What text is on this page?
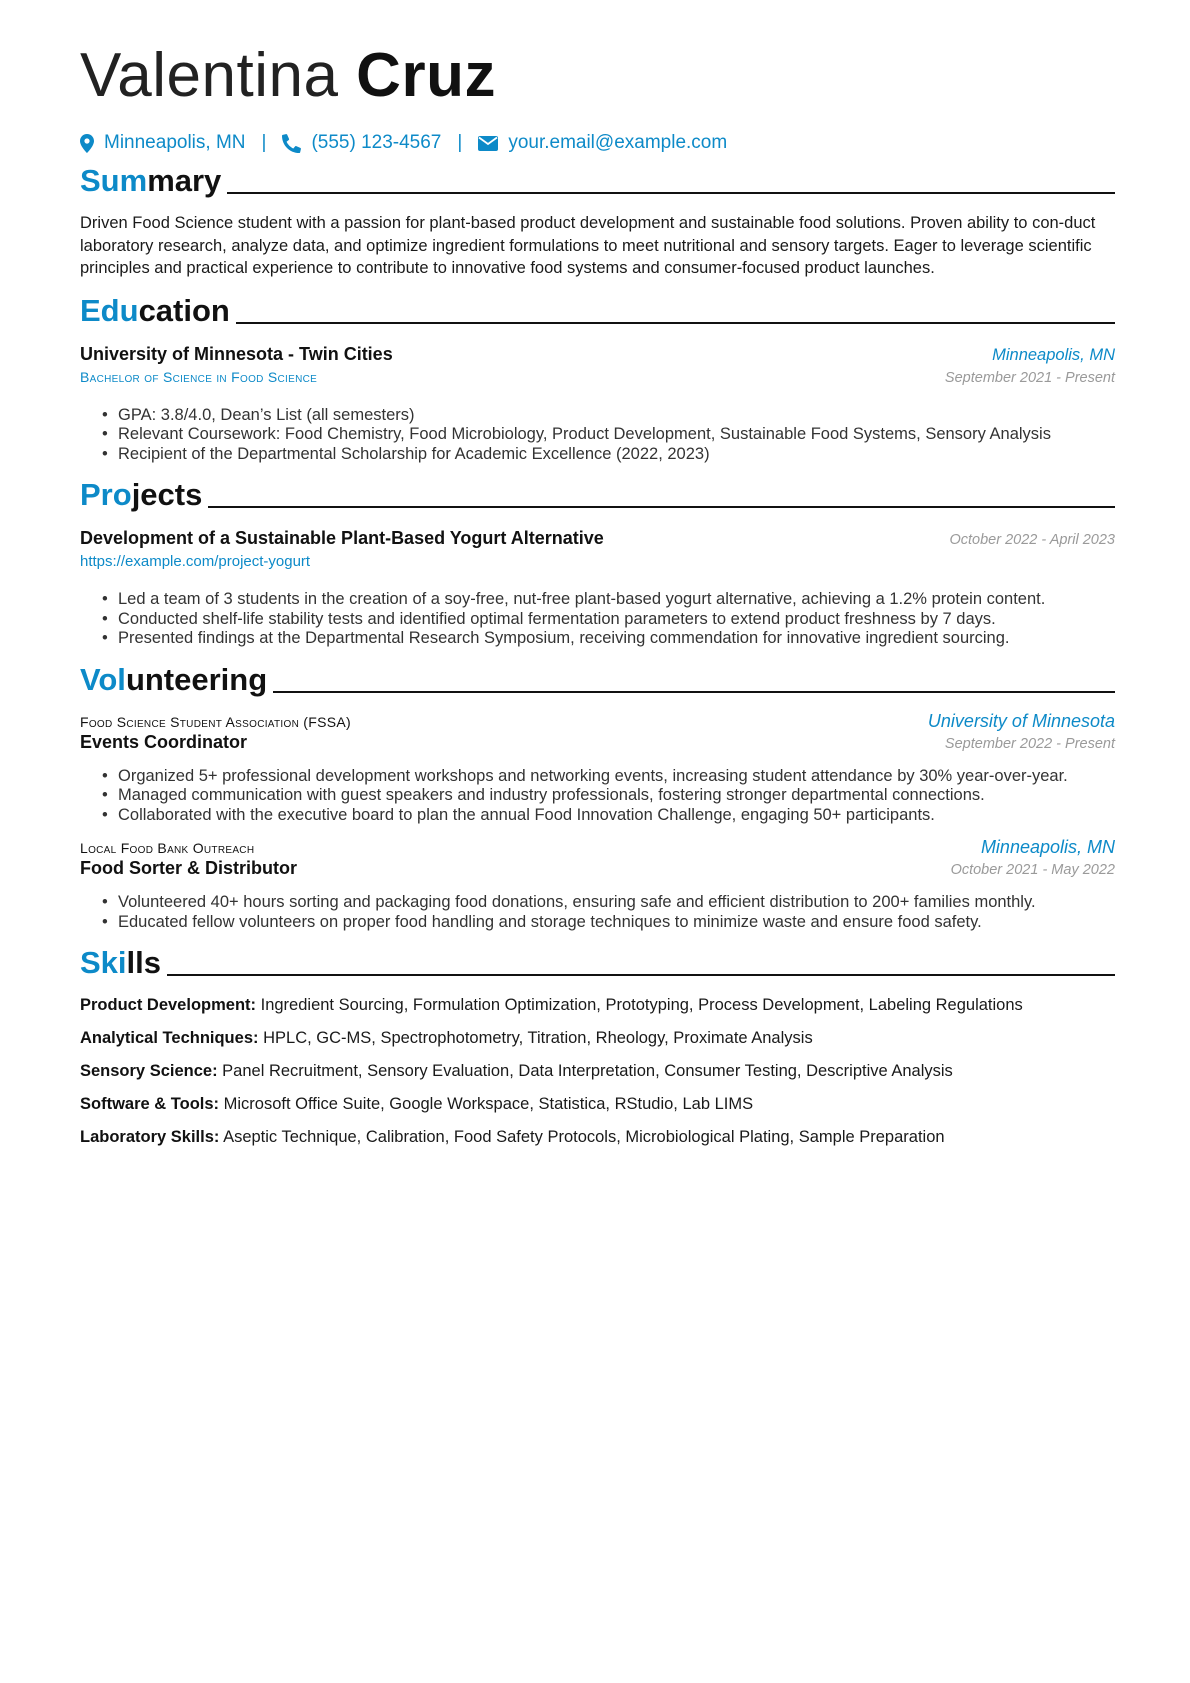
Valentina Cruz
Minneapolis, MN | (555) 123-4567 | your.email@example.com
Summary
Driven Food Science student with a passion for plant-based product development and sustainable food solutions. Proven ability to con-duct laboratory research, analyze data, and optimize ingredient formulations to meet nutritional and sensory targets. Eager to leverage scientific principles and practical experience to contribute to innovative food systems and consumer-focused product launches.
Education
University of Minnesota - Twin Cities	Minneapolis, MN
Bachelor of Science in Food Science	September 2021 - Present
• GPA: 3.8/4.0, Dean’s List (all semesters)
• Relevant Coursework: Food Chemistry, Food Microbiology, Product Development, Sustainable Food Systems, Sensory Analysis
• Recipient of the Departmental Scholarship for Academic Excellence (2022, 2023)
Projects
Development of a Sustainable Plant-Based Yogurt Alternative	October 2022 - April 2023
https://example.com/project-yogurt
• Led a team of 3 students in the creation of a soy-free, nut-free plant-based yogurt alternative, achieving a 1.2% protein content.
• Conducted shelf-life stability tests and identified optimal fermentation parameters to extend product freshness by 7 days.
• Presented findings at the Departmental Research Symposium, receiving commendation for innovative ingredient sourcing.
Volunteering
Food Science Student Association (FSSA)	University of Minnesota
Events Coordinator	September 2022 - Present
• Organized 5+ professional development workshops and networking events, increasing student attendance by 30% year-over-year.
• Managed communication with guest speakers and industry professionals, fostering stronger departmental connections.
• Collaborated with the executive board to plan the annual Food Innovation Challenge, engaging 50+ participants.
Local Food Bank Outreach	Minneapolis, MN
Food Sorter & Distributor	October 2021 - May 2022
• Volunteered 40+ hours sorting and packaging food donations, ensuring safe and efficient distribution to 200+ families monthly.
• Educated fellow volunteers on proper food handling and storage techniques to minimize waste and ensure food safety.
Skills
Product Development: Ingredient Sourcing, Formulation Optimization, Prototyping, Process Development, Labeling Regulations
Analytical Techniques: HPLC, GC-MS, Spectrophotometry, Titration, Rheology, Proximate Analysis
Sensory Science: Panel Recruitment, Sensory Evaluation, Data Interpretation, Consumer Testing, Descriptive Analysis
Software & Tools: Microsoft Office Suite, Google Workspace, Statistica, RStudio, Lab LIMS
Laboratory Skills: Aseptic Technique, Calibration, Food Safety Protocols, Microbiological Plating, Sample Preparation
